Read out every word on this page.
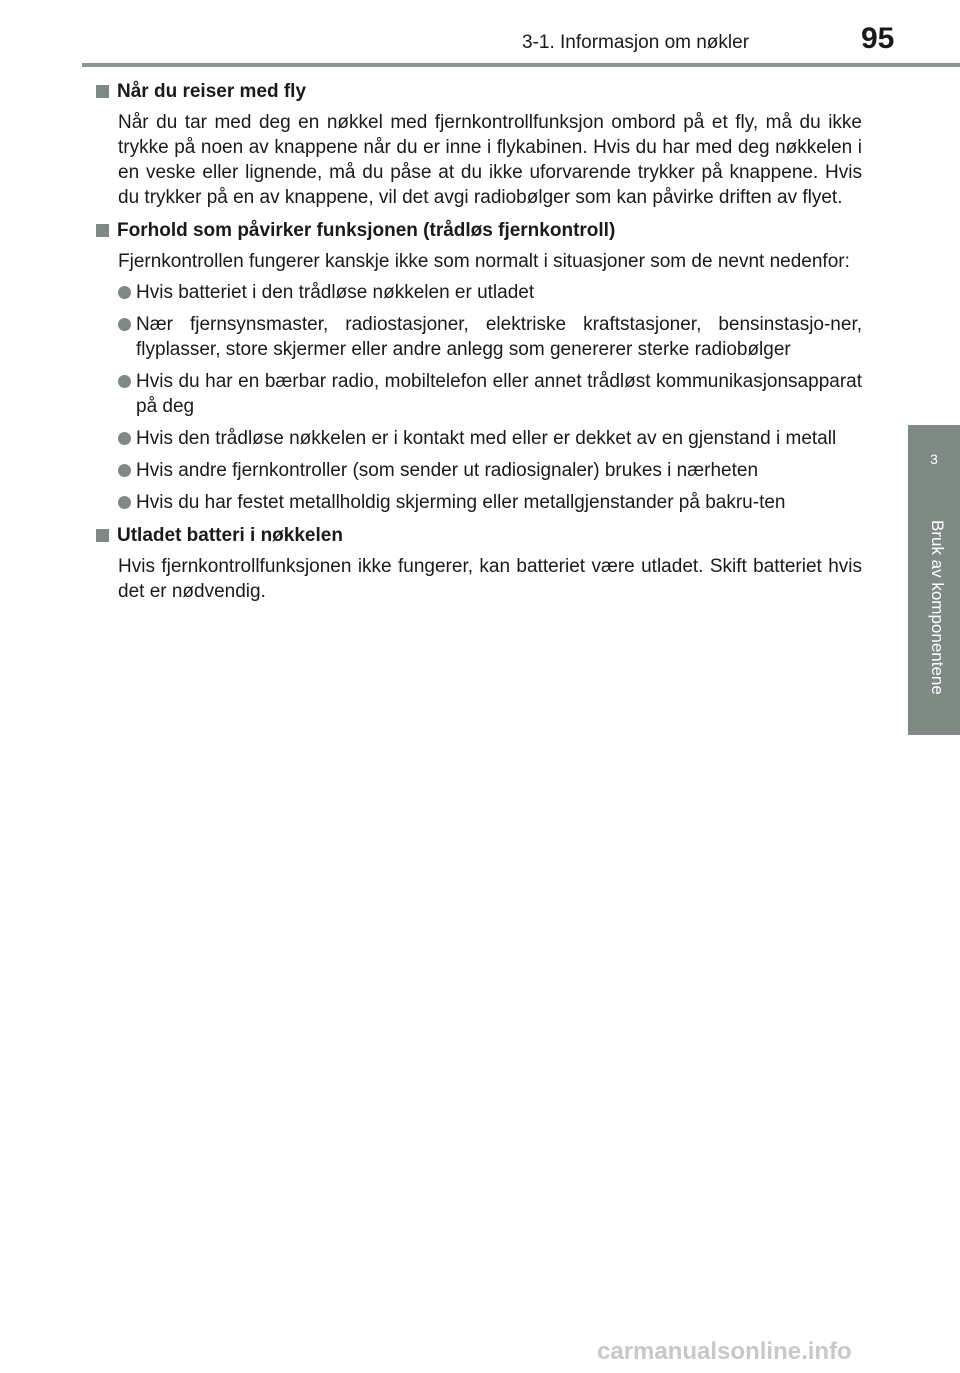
3-1. Informasjon om nøkler	95
3
Bruk av komponentene
Når du reiser med fly
Når du tar med deg en nøkkel med fjernkontrollfunksjon ombord på et fly, må du ikke trykke på noen av knappene når du er inne i flykabinen. Hvis du har med deg nøkkelen i en veske eller lignende, må du påse at du ikke uforvarende trykker på knappene. Hvis du trykker på en av knappene, vil det avgi radiobølger som kan påvirke driften av flyet.
Forhold som påvirker funksjonen (trådløs fjernkontroll)
Fjernkontrollen fungerer kanskje ikke som normalt i situasjoner som de nevnt nedenfor:
Hvis batteriet i den trådløse nøkkelen er utladet
Nær fjernsynsmaster, radiostasjoner, elektriske kraftstasjoner, bensinstasjo-ner, flyplasser, store skjermer eller andre anlegg som genererer sterke radiobølger
Hvis du har en bærbar radio, mobiltelefon eller annet trådløst kommunikasjonsapparat på deg
Hvis den trådløse nøkkelen er i kontakt med eller er dekket av en gjenstand i metall
Hvis andre fjernkontroller (som sender ut radiosignaler) brukes i nærheten
Hvis du har festet metallholdig skjerming eller metallgjenstander på bakru-ten
Utladet batteri i nøkkelen
Hvis fjernkontrollfunksjonen ikke fungerer, kan batteriet være utladet. Skift batteriet hvis det er nødvendig.
carmanualsonline.info
